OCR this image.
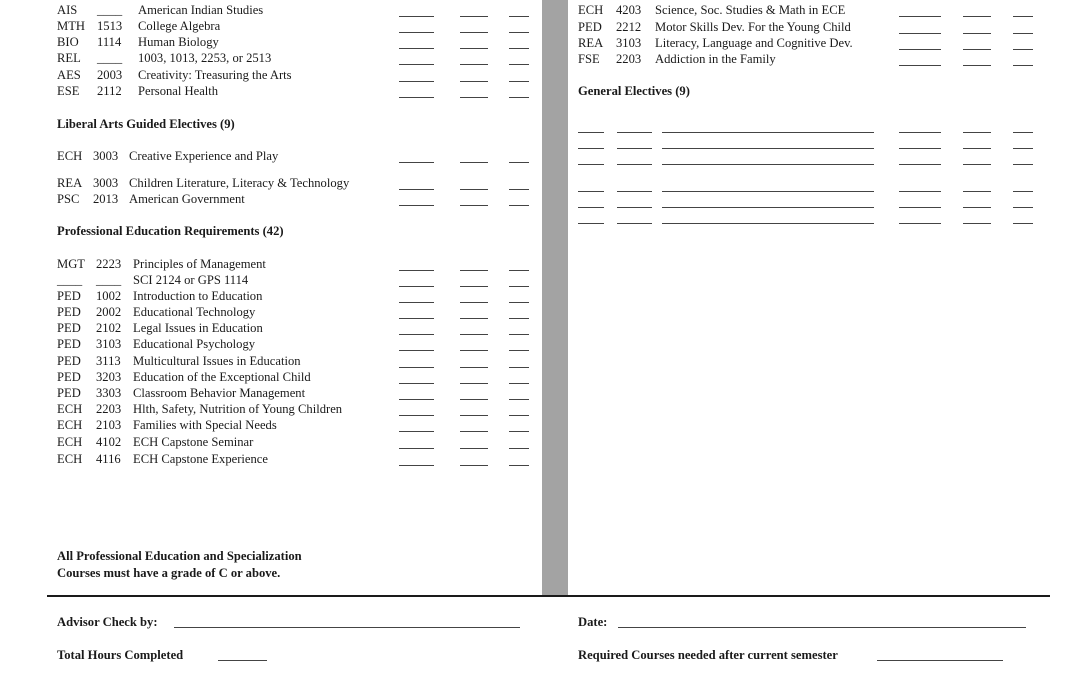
AIS ____ American Indian Studies
MTH 1513 College Algebra
BIO 1114 Human Biology
REL ____ 1003, 1013, 2253, or 2513
AES 2003 Creativity: Treasuring the Arts
ESE 2112 Personal Health
Liberal Arts Guided Electives (9)
ECH 3003 Creative Experience and Play
REA 3003 Children Literature, Literacy & Technology
PSC 2013 American Government
Professional Education Requirements (42)
MGT 2223 Principles of Management
____ ____ SCI 2124 or GPS 1114
PED 1002 Introduction to Education
PED 2002 Educational Technology
PED 2102 Legal Issues in Education
PED 3103 Educational Psychology
PED 3113 Multicultural Issues in Education
PED 3203 Education of the Exceptional Child
PED 3303 Classroom Behavior Management
ECH 2203 Hlth, Safety, Nutrition of Young Children
ECH 2103 Families with Special Needs
ECH 4102 ECH Capstone Seminar
ECH 4116 ECH Capstone Experience
All Professional Education and Specialization
Courses must have a grade of C or above.
ECH 4203 Science, Soc. Studies & Math in ECE
PED 2212 Motor Skills Dev. For the Young Child
REA 3103 Literacy, Language and Cognitive Dev.
FSE 2203 Addiction in the Family
General Electives (9)
Advisor Check by:	Date:
Total Hours Completed	Required Courses needed after current semester
